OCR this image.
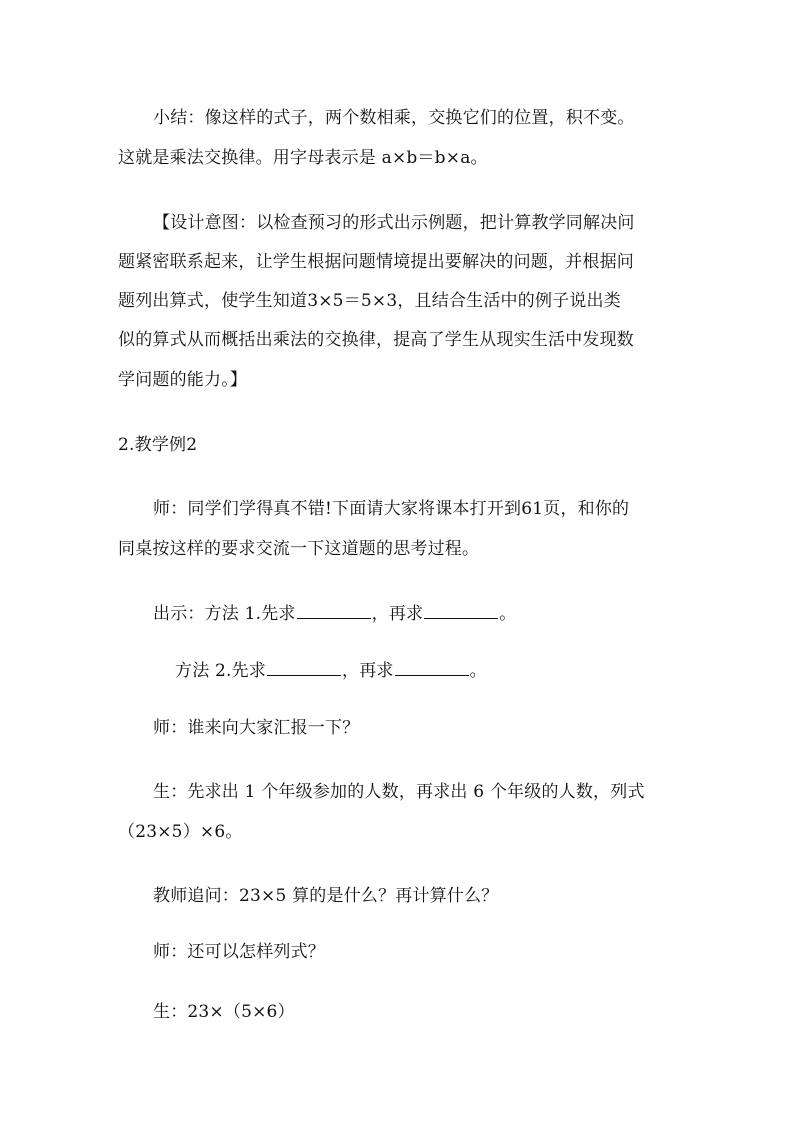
小结：像这样的式子，两个数相乘，交换它们的位置，积不变。
这就是乘法交换律。用字母表示是 a×b＝b×a。
【设计意图：以检查预习的形式出示例题，把计算教学同解决问
题紧密联系起来，让学生根据问题情境提出要解决的问题，并根据问
题列出算式，使学生知道3×5＝5×3，且结合生活中的例子说出类
似的算式从而概括出乘法的交换律，提高了学生从现实生活中发现数
学问题的能力。】
2.教学例2
师：同学们学得真不错!下面请大家将课本打开到61页，和你的
同桌按这样的要求交流一下这道题的思考过程。
出示：方法 1.先求	，再求	。
方法 2.先求	，再求	。
师：谁来向大家汇报一下？
生：先求出 1 个年级参加的人数，再求出 6 个年级的人数，列式
（23×5）×6。
教师追问：23×5 算的是什么？再计算什么？
师：还可以怎样列式？
生：23×（5×6）
